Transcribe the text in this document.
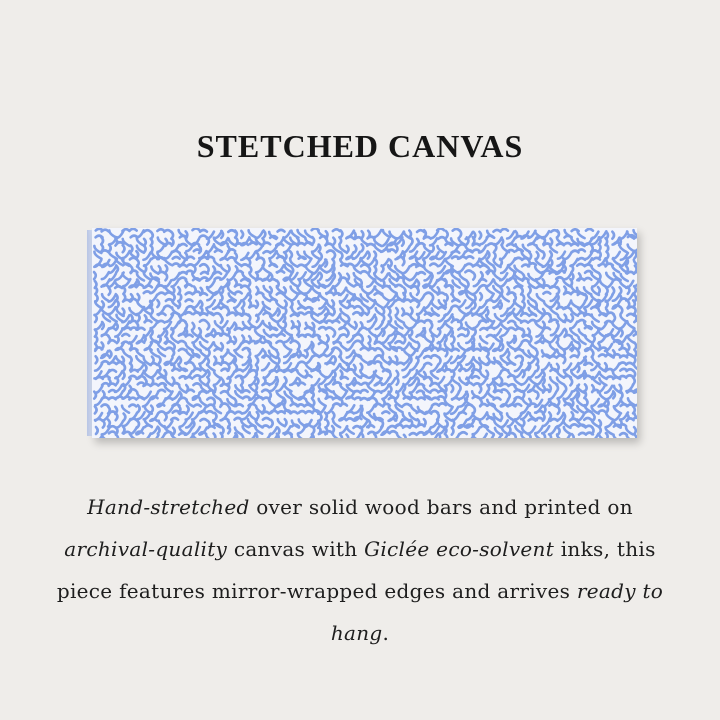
STETCHED CANVAS

Hand-stretched over solid wood bars and printed on archival-quality canvas with Giclée eco-solvent inks, this piece features mirror-wrapped edges and arrives ready to hang.
